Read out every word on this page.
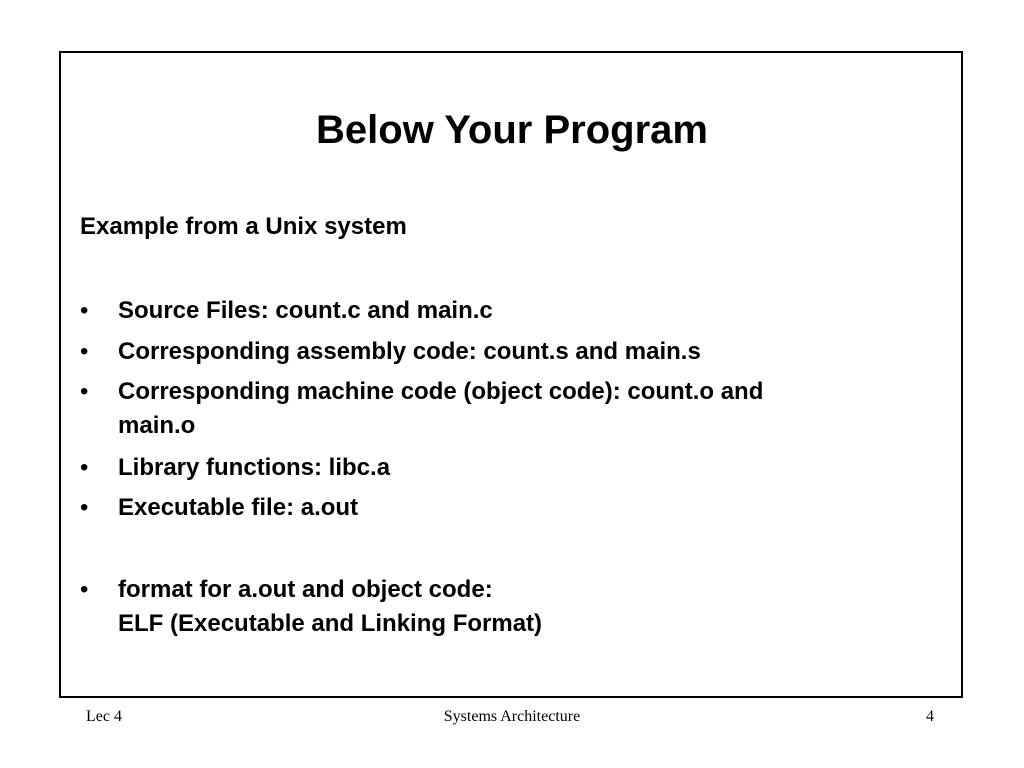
Below Your Program
Example from a Unix system
•	Source Files: count.c and main.c
•	Corresponding assembly code: count.s and main.s
•	Corresponding machine code (object code): count.o and
main.o
•	Library functions: libc.a
•	Executable file: a.out
•	format for a.out and object code:
ELF (Executable and Linking Format)
Lec 4	Systems Architecture	4
